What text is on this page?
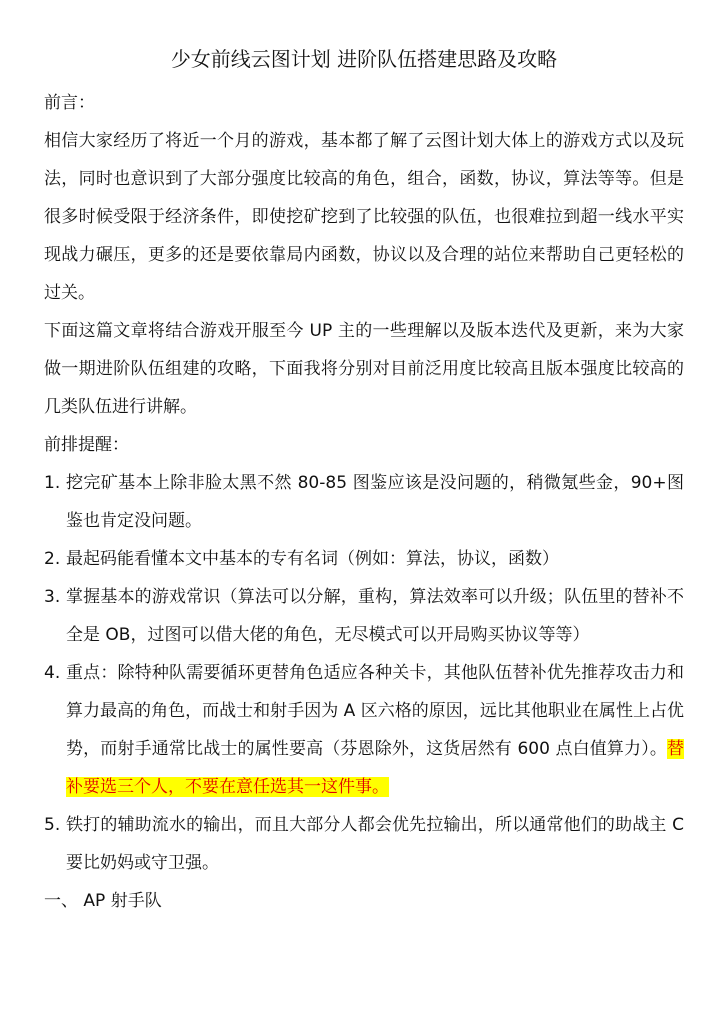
少女前线云图计划 进阶队伍搭建思路及攻略

前言：

相信大家经历了将近一个月的游戏，基本都了解了云图计划大体上的游戏方式以及玩法，同时也意识到了大部分强度比较高的角色，组合，函数，协议，算法等等。但是很多时候受限于经济条件，即使挖矿挖到了比较强的队伍，也很难拉到超一线水平实现战力碾压，更多的还是要依靠局内函数，协议以及合理的站位来帮助自己更轻松的过关。

下面这篇文章将结合游戏开服至今 UP 主的一些理解以及版本迭代及更新，来为大家做一期进阶队伍组建的攻略，下面我将分别对目前泛用度比较高且版本强度比较高的几类队伍进行讲解。

前排提醒：

1. 挖完矿基本上除非脸太黑不然 80-85 图鉴应该是没问题的，稍微氪些金，90+图鉴也肯定没问题。
2. 最起码能看懂本文中基本的专有名词（例如：算法，协议，函数）
3. 掌握基本的游戏常识（算法可以分解，重构，算法效率可以升级；队伍里的替补不全是 OB，过图可以借大佬的角色，无尽模式可以开局购买协议等等）
4. 重点：除特种队需要循环更替角色适应各种关卡，其他队伍替补优先推荐攻击力和算力最高的角色，而战士和射手因为 A 区六格的原因，远比其他职业在属性上占优势，而射手通常比战士的属性要高（芬恩除外，这货居然有 600 点白值算力）。替补要选三个人，不要在意任选其一这件事。
5. 铁打的辅助流水的输出，而且大部分人都会优先拉输出，所以通常他们的助战主 C 要比奶妈或守卫强。

一、 AP 射手队
